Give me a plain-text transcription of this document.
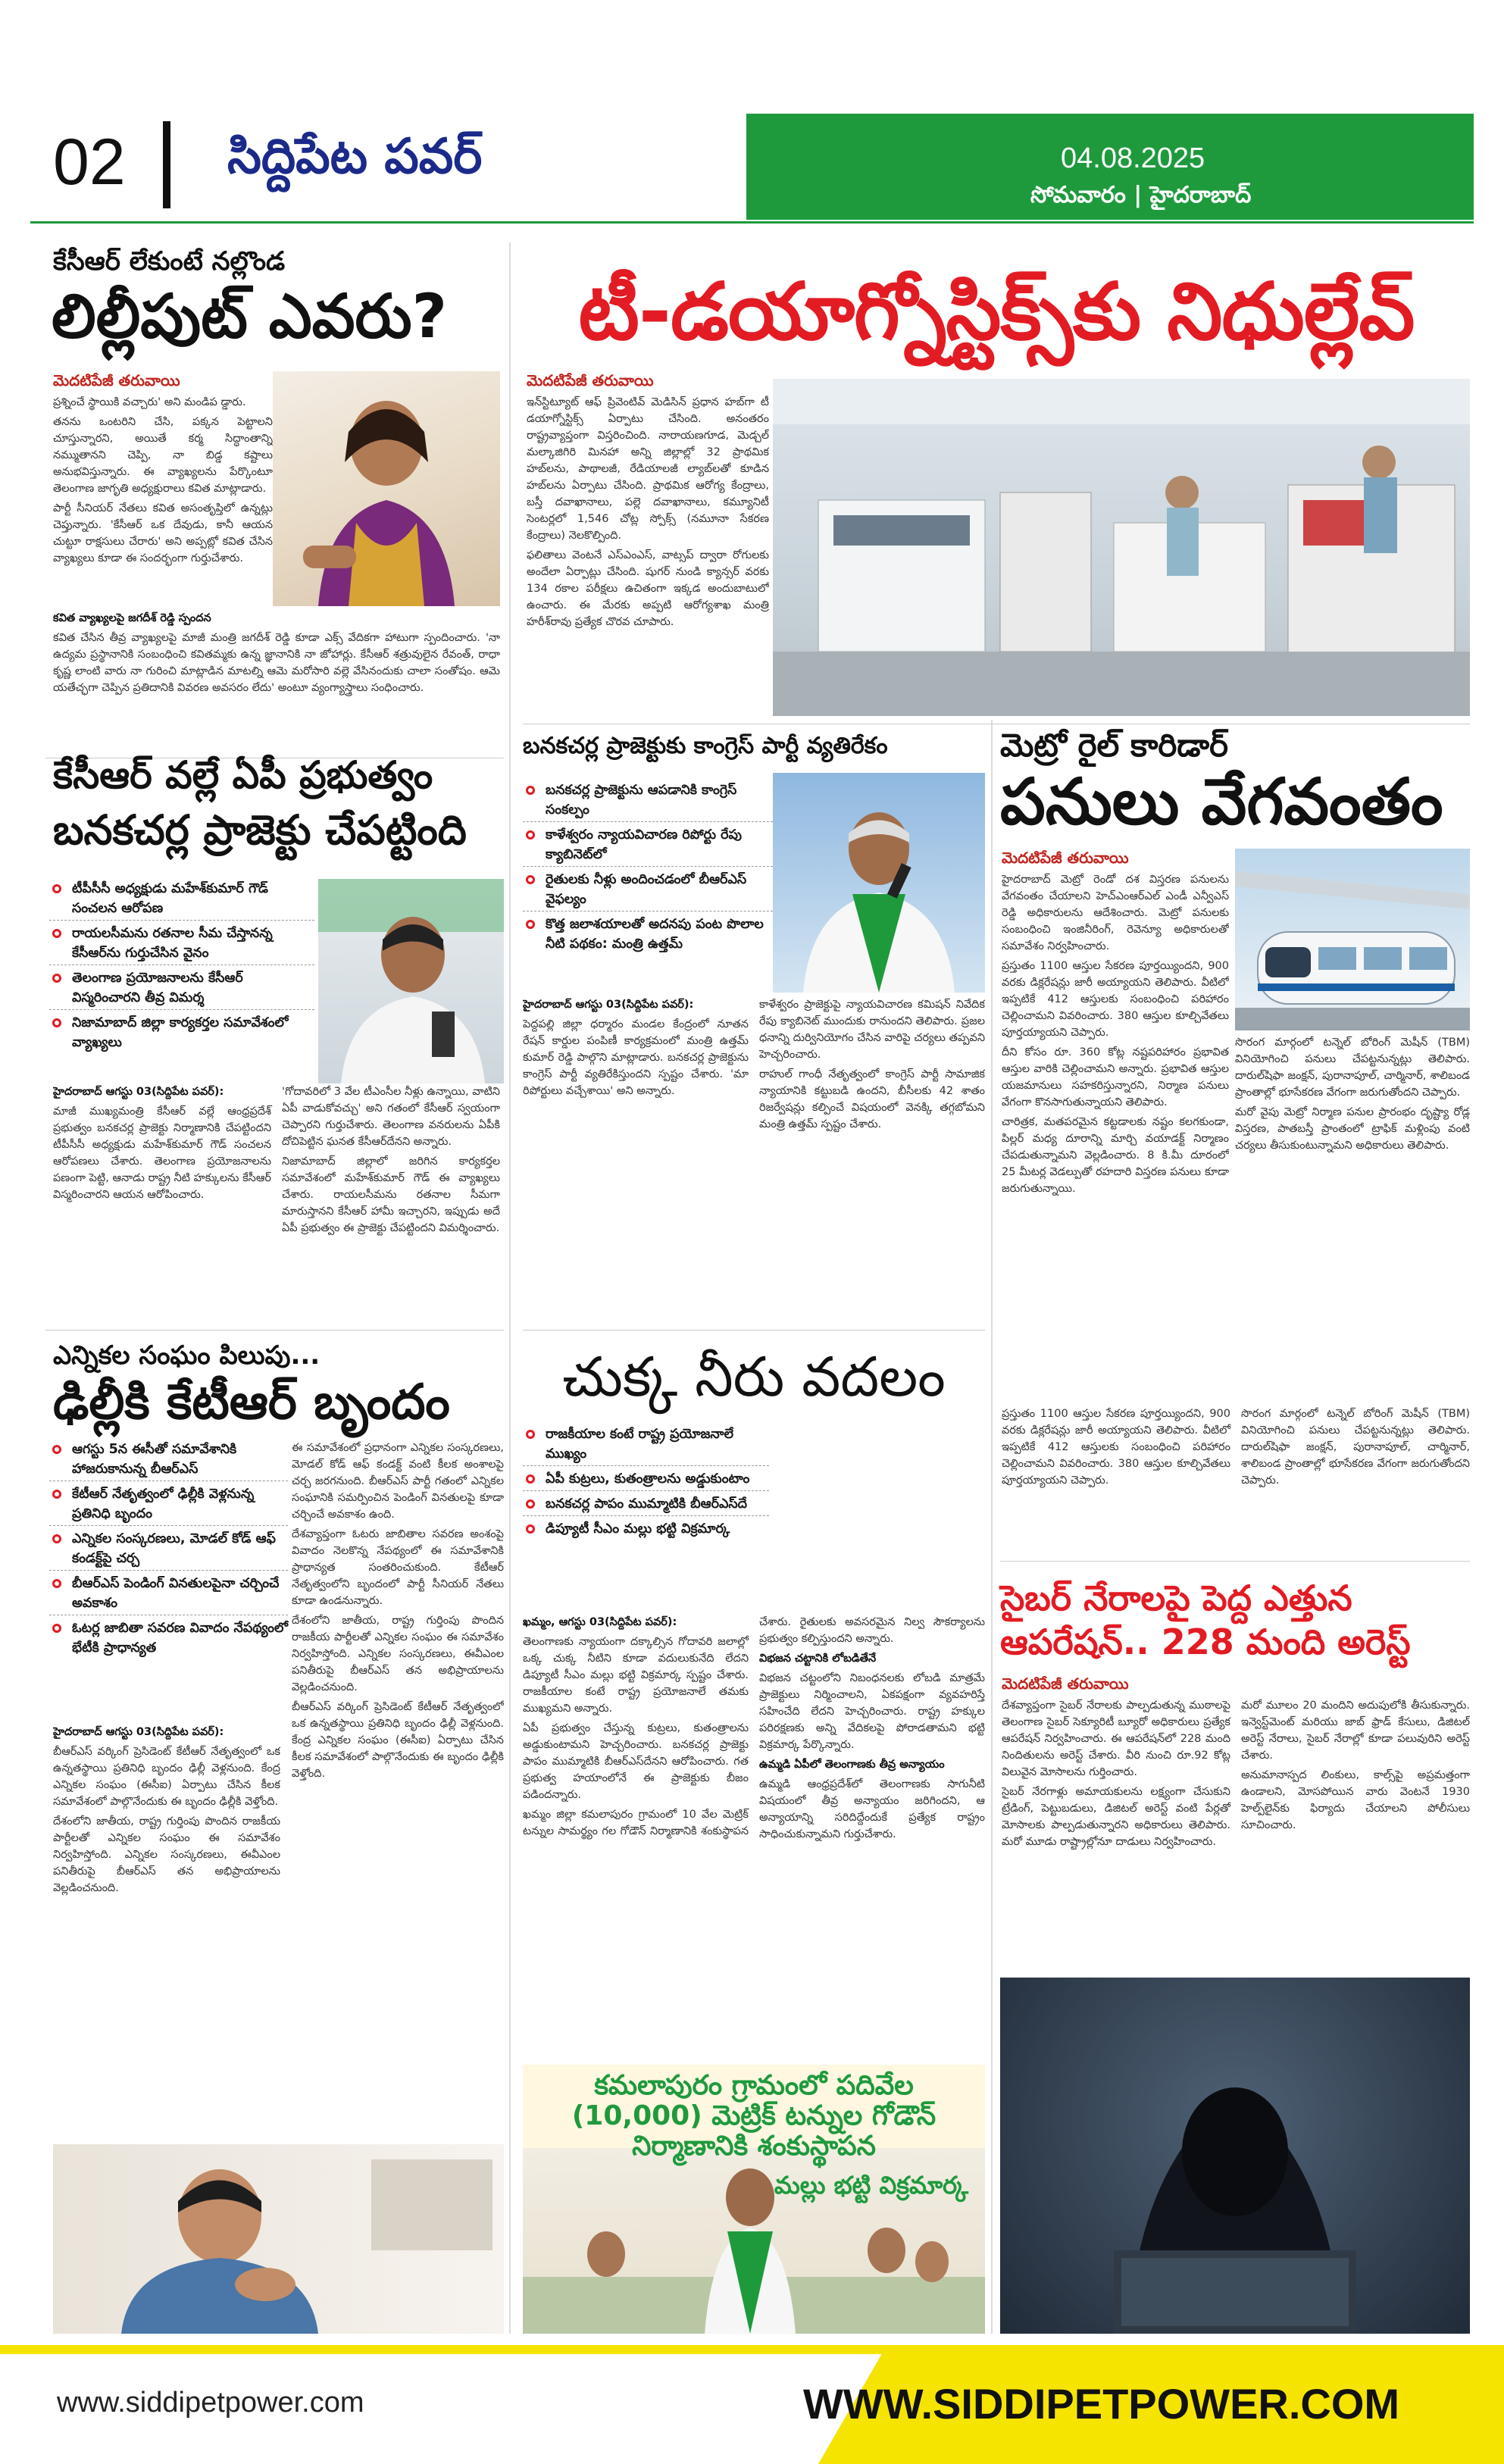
02 సిద్దిపేట పవర్	04.08.2025
సోమవారం | హైదరాబాద్
కేసీఆర్ లేకుంటే నల్లొండ
లిల్లీపుట్ ఎవరు?
మెదటిపేజీ తరువాయి

ప్రశ్నించే స్థాయికి వచ్చారు' అని మండిప డ్డారు.

తనను ఒంటరిని చేసి, పక్కన పెట్టాలని చూస్తున్నారని, అయితే కర్మ సిద్ధాంతాన్ని నమ్ముతానని చెప్పి, నా బిడ్డ కష్టాలు అనుభవిస్తున్నారు. ఈ వ్యాఖ్యలను పేర్కొంటూ తెలంగాణ జాగృతి అధ్యక్షురాలు కవిత మాట్లాడారు.

పార్టీ సీనియర్‌ నేతలు కవిత అసంతృప్తిలో ఉన్నట్లు చెప్తున్నారు. 'కేసీఆర్ ఒక దేవుడు, కానీ ఆయన చుట్టూ రాక్షసులు చేరారు' అని అప్పట్లో కవిత చేసిన వ్యాఖ్యలు కూడా ఈ సందర్భంగా గుర్తుచేశారు.

కవిత వ్యాఖ్యలపై జగదీశ్ రెడ్డి స్పందన

కవిత చేసిన తీవ్ర వ్యాఖ్యలపై మాజీ మంత్రి జగదీశ్ రెడ్డి కూడా ఎక్స్ వేదికగా హాటుగా స్పందించారు. 'నా ఉద్యమ ప్రస్థానానికి సంబంధించి కవితమ్మకు ఉన్న జ్ఞానానికి నా జోహార్లు. కేసీఆర్ శత్రువులైన రేవంత్, రాధా కృష్ణ లాంటి వారు నా గురించి మాట్లాడిన మాటల్ని ఆమె మరోసారి వల్లె వేసినందుకు చాలా సంతోషం. ఆమె యతేచ్ఛగా చెప్పిన ప్రతిదానికి వివరణ అవసరం లేదు' అంటూ వ్యంగ్యాస్త్రాలు సంధించారు.

టీ-డయాగ్నోస్టిక్స్‌కు నిధుల్లేవ్
మెదటిపేజీ తరువాయి

ఇన్‌స్టిట్యూట్ ఆఫ్ ప్రివెంటివ్ మెడిసిన్ ప్రధాన హబ్‌గా టీ డయాగ్నోస్టిక్స్‌ ఏర్పాటు చేసింది. అనంతరం రాష్ట్రవ్యాప్తంగా విస్తరించింది. నారాయణగూడ, మెడ్చల్ మల్కాజిగిరి మినహా అన్ని జిల్లాల్లో 32 ప్రాథమిక హబ్‌లను, పాథాలజీ, రేడియాలజీ ల్యాబ్‌లతో కూడిన హబ్‌లను ఏర్పాటు చేసింది. ప్రాథమిక ఆరోగ్య కేంద్రాలు, బస్తీ దవాఖానాలు, పల్లె దవాఖానాలు, కమ్యూనిటీ సెంటర్లలో 1,546 చోట్ల స్పోక్స్‌ (నమూనా సేకరణ కేంద్రాలు) నెలకొల్పింది.

ఫలితాలు వెంటనే ఎస్ఎంఎస్, వాట్సప్ ద్వారా రోగులకు అందేలా ఏర్పాట్లు చేసింది. షుగర్ నుండి క్యాన్సర్ వరకు 134 రకాల పరీక్షలు ఉచితంగా ఇక్కడ అందుబాటులో ఉంచారు. ఈ మేరకు అప్పటి ఆరోగ్యశాఖ మంత్రి హరీశ్‌రావు ప్రత్యేక చొరవ చూపారు.

కేసీఆర్ వల్లే ఏపీ ప్రభుత్వం
బనకచర్ల ప్రాజెక్టు చేపట్టింది
టీపీసీసీ అధ్యక్షుడు మహేశ్‌కుమార్ గౌడ్ సంచలన ఆరోపణ
రాయలసీమను రతనాల సీమ చేస్తానన్న కేసీఆర్‌ను గుర్తుచేసిన వైనం
తెలంగాణ ప్రయోజనాలను కేసీఆర్ విస్మరించారని తీవ్ర విమర్శ
నిజామాబాద్ జిల్లా కార్యకర్తల సమావేశంలో వ్యాఖ్యలు

హైదరాబాద్ ఆగస్టు 03(సిద్దిపేట పవర్):

మాజీ ముఖ్యమంత్రి కేసీఆర్ వల్లే ఆంధ్రప్రదేశ్ ప్రభుత్వం బనకచర్ల ప్రాజెక్టు నిర్మాణానికి చేపట్టిందని టీపీసీసీ అధ్యక్షుడు మహేశ్‌కుమార్ గౌడ్ సంచలన ఆరోపణలు చేశారు. తెలంగాణ ప్రయోజనాలను పణంగా పెట్టి, ఆనాడు రాష్ట్ర నీటి హక్కులను కేసీఆర్ విస్మరించారని ఆయన ఆరోపించారు.

'గోదావరిలో 3 వేల టీఎంసీల నీళ్లు ఉన్నాయి, వాటిని ఏపీ వాడుకోవచ్చు' అని గతంలో కేసీఆర్ స్వయంగా చెప్పారని గుర్తుచేశారు. తెలంగాణ వనరులను ఏపీకి దోచిపెట్టిన ఘనత కేసీఆర్‌దేనని అన్నారు.

నిజామాబాద్ జిల్లాలో జరిగిన కార్యకర్తల సమావేశంలో మహేశ్‌కుమార్ గౌడ్ ఈ వ్యాఖ్యలు చేశారు. రాయలసీమను రతనాల సీమగా మారుస్తానని కేసీఆర్ హామీ ఇచ్చారని, ఇప్పుడు అదే ఏపీ ప్రభుత్వం ఈ ప్రాజెక్టు చేపట్టిందని విమర్శించారు.

బనకచర్ల ప్రాజెక్టుకు కాంగ్రెస్ పార్టీ వ్యతిరేకం
బనకచర్ల ప్రాజెక్టును ఆపడానికి కాంగ్రెస్ సంకల్పం
కాళేశ్వరం న్యాయవిచారణ రిపోర్టు రేపు క్యాబినెట్‌లో
రైతులకు నీళ్లు అందించడంలో బీఆర్ఎస్ వైఫల్యం
కొత్త జలాశయాలతో అదనపు పంట పొలాల నీటి పథకం: మంత్రి ఉత్తమ్

హైదరాబాద్ ఆగస్టు 03(సిద్దిపేట పవర్):

పెద్దపల్లి జిల్లా ధర్మారం మండల కేంద్రంలో నూతన రేషన్ కార్డుల పంపిణీ కార్యక్రమంలో మంత్రి ఉత్తమ్ కుమార్ రెడ్డి పాల్గొని మాట్లాడారు. బనకచర్ల ప్రాజెక్టును కాంగ్రెస్ పార్టీ వ్యతిరేకిస్తుందని స్పష్టం చేశారు. 'మా రిపోర్టులు వచ్చేశాయి' అని అన్నారు.

కాళేశ్వరం ప్రాజెక్టుపై న్యాయవిచారణ కమిషన్ నివేదిక రేపు క్యాబినెట్ ముందుకు రానుందని తెలిపారు. ప్రజల ధనాన్ని దుర్వినియోగం చేసిన వారిపై చర్యలు తప్పవని హెచ్చరించారు.

రాహుల్ గాంధీ నేతృత్వంలో కాంగ్రెస్ పార్టీ సామాజిక న్యాయానికి కట్టుబడి ఉందని, బీసీలకు 42 శాతం రిజర్వేషన్లు కల్పించే విషయంలో వెనక్కి తగ్గబోమని మంత్రి ఉత్తమ్ స్పష్టం చేశారు.

మెట్రో రైల్ కారిడార్
పనులు వేగవంతం
మెదటిపేజీ తరువాయి

హైదరాబాద్ మెట్రో రెండో దశ విస్తరణ పనులను వేగవంతం చేయాలని హెచ్ఎంఆర్ఎల్ ఎండీ ఎన్వీఎస్ రెడ్డి అధికారులను ఆదేశించారు. మెట్రో పనులకు సంబంధించి ఇంజినీరింగ్, రెవెన్యూ అధికారులతో సమావేశం నిర్వహించారు.

ప్రస్తుతం 1100 ఆస్తుల సేకరణ పూర్తయ్యిందని, 900 వరకు డిక్లరేషన్లు జారీ అయ్యాయని తెలిపారు. వీటిలో ఇప్పటికే 412 ఆస్తులకు సంబంధించి పరిహారం చెల్లించామని వివరించారు. 380 ఆస్తుల కూల్చివేతలు పూర్తయ్యాయని చెప్పారు.

దీని కోసం రూ. 360 కోట్ల నష్టపరిహారం ప్రభావిత ఆస్తుల వారికి చెల్లించామని అన్నారు. ప్రభావిత ఆస్తుల యజమానులు సహకరిస్తున్నారని, నిర్మాణ పనులు వేగంగా కొనసాగుతున్నాయని తెలిపారు.

చారిత్రక, మతపరమైన కట్టడాలకు నష్టం కలగకుండా, పిల్లర్ మధ్య దూరాన్ని మార్చి వయాడక్ట్ నిర్మాణం చేపడుతున్నామని వెల్లడించారు. 8 కి.మీ దూరంలో 25 మీటర్ల వెడల్పుతో రహదారి విస్తరణ పనులు కూడా జరుగుతున్నాయి.

సొరంగ మార్గంలో టన్నెల్ బోరింగ్ మెషీన్ (TBM) వినియోగించి పనులు చేపట్టనున్నట్లు తెలిపారు. దారుల్‌షిఫా జంక్షన్, పురానాపూల్, చార్మినార్, శాలిబండ ప్రాంతాల్లో భూసేకరణ వేగంగా జరుగుతోందని చెప్పారు.

మరో వైపు మెట్రో నిర్మాణ పనుల ప్రారంభం దృష్ట్యా రోడ్ల విస్తరణ, పాతబస్తీ ప్రాంతంలో ట్రాఫిక్ మళ్లింపు వంటి చర్యలు తీసుకుంటున్నామని అధికారులు తెలిపారు.

ప్రస్తుతం 1100 ఆస్తుల సేకరణ పూర్తయ్యిందని, 900 వరకు డిక్లరేషన్లు జారీ అయ్యాయని తెలిపారు. వీటిలో ఇప్పటికే 412 ఆస్తులకు సంబంధించి పరిహారం చెల్లించామని వివరించారు. 380 ఆస్తుల కూల్చివేతలు పూర్తయ్యాయని చెప్పారు.

సొరంగ మార్గంలో టన్నెల్ బోరింగ్ మెషీన్ (TBM) వినియోగించి పనులు చేపట్టనున్నట్లు తెలిపారు. దారుల్‌షిఫా జంక్షన్, పురానాపూల్, చార్మినార్, శాలిబండ ప్రాంతాల్లో భూసేకరణ వేగంగా జరుగుతోందని చెప్పారు.

ఎన్నికల సంఘం పిలుపు...
ఢిల్లీకి కేటీఆర్ బృందం
ఆగస్టు 5న ఈసీతో సమావేశానికి హాజరుకానున్న బీఆర్ఎస్
కేటీఆర్ నేతృత్వంలో ఢిల్లీకి వెళ్లనున్న ప్రతినిధి బృందం
ఎన్నికల సంస్కరణలు, మోడల్ కోడ్ ఆఫ్ కండక్ట్‌పై చర్చ
బీఆర్ఎస్ పెండింగ్ వినతులపైనా చర్చించే అవకాశం
ఓటర్ల జాబితా సవరణ వివాదం నేపథ్యంలో భేటీకి ప్రాధాన్యత

హైదరాబాద్ ఆగస్టు 03(సిద్దిపేట పవర్):

బీఆర్ఎస్ వర్కింగ్ ప్రెసిడెంట్ కేటీఆర్ నేతృత్వంలో ఒక ఉన్నతస్థాయి ప్రతినిధి బృందం ఢిల్లీ వెళ్లనుంది. కేంద్ర ఎన్నికల సంఘం (ఈసీఐ) ఏర్పాటు చేసిన కీలక సమావేశంలో పాల్గొనేందుకు ఈ బృందం ఢిల్లీకి వెళ్తోంది.

దేశంలోని జాతీయ, రాష్ట్ర గుర్తింపు పొందిన రాజకీయ పార్టీలతో ఎన్నికల సంఘం ఈ సమావేశం నిర్వహిస్తోంది. ఎన్నికల సంస్కరణలు, ఈవీఎంల పనితీరుపై బీఆర్ఎస్ తన అభిప్రాయాలను వెల్లడించనుంది.

ఈ సమావేశంలో ప్రధానంగా ఎన్నికల సంస్కరణలు, మోడల్ కోడ్ ఆఫ్ కండక్ట్ వంటి కీలక అంశాలపై చర్చ జరగనుంది. బీఆర్ఎస్ పార్టీ గతంలో ఎన్నికల సంఘానికి సమర్పించిన పెండింగ్ వినతులపై కూడా చర్చించే అవకాశం ఉంది.

దేశవ్యాప్తంగా ఓటరు జాబితాల సవరణ అంశంపై వివాదం నెలకొన్న నేపథ్యంలో ఈ సమావేశానికి ప్రాధాన్యత సంతరించుకుంది. కేటీఆర్ నేతృత్వంలోని బృందంలో పార్టీ సీనియర్ నేతలు కూడా ఉండనున్నారు.

దేశంలోని జాతీయ, రాష్ట్ర గుర్తింపు పొందిన రాజకీయ పార్టీలతో ఎన్నికల సంఘం ఈ సమావేశం నిర్వహిస్తోంది. ఎన్నికల సంస్కరణలు, ఈవీఎంల పనితీరుపై బీఆర్ఎస్ తన అభిప్రాయాలను వెల్లడించనుంది.

బీఆర్ఎస్ వర్కింగ్ ప్రెసిడెంట్ కేటీఆర్ నేతృత్వంలో ఒక ఉన్నతస్థాయి ప్రతినిధి బృందం ఢిల్లీ వెళ్లనుంది. కేంద్ర ఎన్నికల సంఘం (ఈసీఐ) ఏర్పాటు చేసిన కీలక సమావేశంలో పాల్గొనేందుకు ఈ బృందం ఢిల్లీకి వెళ్తోంది.

చుక్క నీరు వదలం
రాజకీయాల కంటే రాష్ట్ర ప్రయోజనాలే ముఖ్యం
ఏపీ కుట్రలు, కుతంత్రాలను అడ్డుకుంటాం
బనకచర్ల పాపం ముమ్మాటికి బీఆర్ఎస్‌దే
డిప్యూటీ సీఎం మల్లు భట్టి విక్రమార్క

ఖమ్మం, ఆగస్టు 03(సిద్దిపేట పవర్):

తెలంగాణకు న్యాయంగా దక్కాల్సిన గోదావరి జలాల్లో ఒక్క చుక్క నీటిని కూడా వదులుకునేది లేదని డిప్యూటీ సీఎం మల్లు భట్టి విక్రమార్క స్పష్టం చేశారు. రాజకీయాల కంటే రాష్ట్ర ప్రయోజనాలే తమకు ముఖ్యమని అన్నారు.

ఏపీ ప్రభుత్వం చేస్తున్న కుట్రలు, కుతంత్రాలను అడ్డుకుంటామని హెచ్చరించారు. బనకచర్ల ప్రాజెక్టు పాపం ముమ్మాటికి బీఆర్ఎస్‌దేనని ఆరోపించారు. గత ప్రభుత్వ హయాంలోనే ఈ ప్రాజెక్టుకు బీజం పడిందన్నారు.

ఖమ్మం జిల్లా కమలాపురం గ్రామంలో 10 వేల మెట్రిక్ టన్నుల సామర్థ్యం గల గోడౌన్ నిర్మాణానికి శంకుస్థాపన చేశారు. రైతులకు అవసరమైన నిల్వ సౌకర్యాలను ప్రభుత్వం కల్పిస్తుందని అన్నారు.

విభజన చట్టానికి లోబడితేనే

విభజన చట్టంలోని నిబంధనలకు లోబడి మాత్రమే ప్రాజెక్టులు నిర్మించాలని, ఏకపక్షంగా వ్యవహరిస్తే సహించేది లేదని హెచ్చరించారు. రాష్ట్ర హక్కుల పరిరక్షణకు అన్ని వేదికలపై పోరాడతామని భట్టి విక్రమార్క పేర్కొన్నారు.

ఉమ్మడి ఏపీలో తెలంగాణకు తీవ్ర అన్యాయం

ఉమ్మడి ఆంధ్రప్రదేశ్‌లో తెలంగాణకు సాగునీటి విషయంలో తీవ్ర అన్యాయం జరిగిందని, ఆ అన్యాయాన్ని సరిదిద్దేందుకే ప్రత్యేక రాష్ట్రం సాధించుకున్నామని గుర్తుచేశారు.

కమలాపురం గ్రామంలో పదివేల (10,000) మెట్రిక్ టన్నుల గోడౌన్ నిర్మాణానికి శంకుస్థాపన
మల్లు భట్టి విక్రమార్క
సైబర్ నేరాలపై పెద్ద ఎత్తున
ఆపరేషన్.. 228 మంది అరెస్ట్
మెదటిపేజీ తరువాయి

దేశవ్యాప్తంగా సైబర్ నేరాలకు పాల్పడుతున్న ముఠాలపై తెలంగాణ సైబర్ సెక్యూరిటీ బ్యూరో అధికారులు ప్రత్యేక ఆపరేషన్ నిర్వహించారు. ఈ ఆపరేషన్‌లో 228 మంది నిందితులను అరెస్ట్ చేశారు. వీరి నుంచి రూ.92 కోట్ల విలువైన మోసాలను గుర్తించారు.

సైబర్ నేరగాళ్లు అమాయకులను లక్ష్యంగా చేసుకుని ట్రేడింగ్, పెట్టుబడులు, డిజిటల్ అరెస్ట్ వంటి పేర్లతో మోసాలకు పాల్పడుతున్నారని అధికారులు తెలిపారు. మరో మూడు రాష్ట్రాల్లోనూ దాడులు నిర్వహించారు.

మరో మూలం 20 మందిని అదుపులోకి తీసుకున్నారు. ఇన్వెస్ట్‌మెంట్ మరియు జాబ్ ఫ్రాడ్ కేసులు, డిజిటల్ అరెస్ట్ నేరాలు, సైబర్ నేరాల్లో కూడా పలువురిని అరెస్ట్ చేశారు.

అనుమానాస్పద లింకులు, కాల్స్‌పై అప్రమత్తంగా ఉండాలని, మోసపోయిన వారు వెంటనే 1930 హెల్ప్‌లైన్‌కు ఫిర్యాదు చేయాలని పోలీసులు సూచించారు.

www.siddipetpower.com	WWW.SIDDIPETPOWER.COM
